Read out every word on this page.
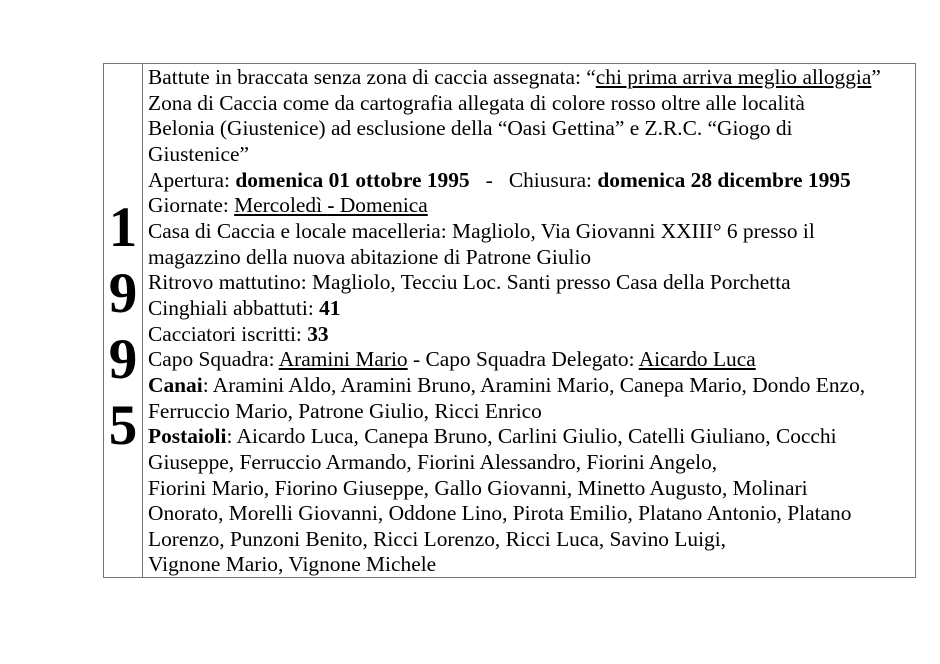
1
9
9
5
Battute in braccata senza zona di caccia assegnata: “chi prima arriva meglio alloggia”
Zona di Caccia come da cartografia allegata di colore rosso oltre alle località
Belonia (Giustenice) ad esclusione della “Oasi Gettina” e Z.R.C. “Giogo di
Giustenice”
Apertura: domenica 01 ottobre 1995   -   Chiusura: domenica 28 dicembre 1995
Giornate: Mercoledì - Domenica
Casa di Caccia e locale macelleria: Magliolo, Via Giovanni XXIII° 6 presso il
magazzino della nuova abitazione di Patrone Giulio
Ritrovo mattutino: Magliolo, Tecciu Loc. Santi presso Casa della Porchetta
Cinghiali abbattuti: 41
Cacciatori iscritti: 33
Capo Squadra: Aramini Mario - Capo Squadra Delegato: Aicardo Luca
Canai: Aramini Aldo, Aramini Bruno, Aramini Mario, Canepa Mario, Dondo Enzo,
Ferruccio Mario, Patrone Giulio, Ricci Enrico
Postaioli: Aicardo Luca, Canepa Bruno, Carlini Giulio, Catelli Giuliano, Cocchi
Giuseppe, Ferruccio Armando, Fiorini Alessandro, Fiorini Angelo,
Fiorini Mario, Fiorino Giuseppe, Gallo Giovanni, Minetto Augusto, Molinari
Onorato, Morelli Giovanni, Oddone Lino, Pirota Emilio, Platano Antonio, Platano
Lorenzo, Punzoni Benito, Ricci Lorenzo, Ricci Luca, Savino Luigi,
Vignone Mario, Vignone Michele
